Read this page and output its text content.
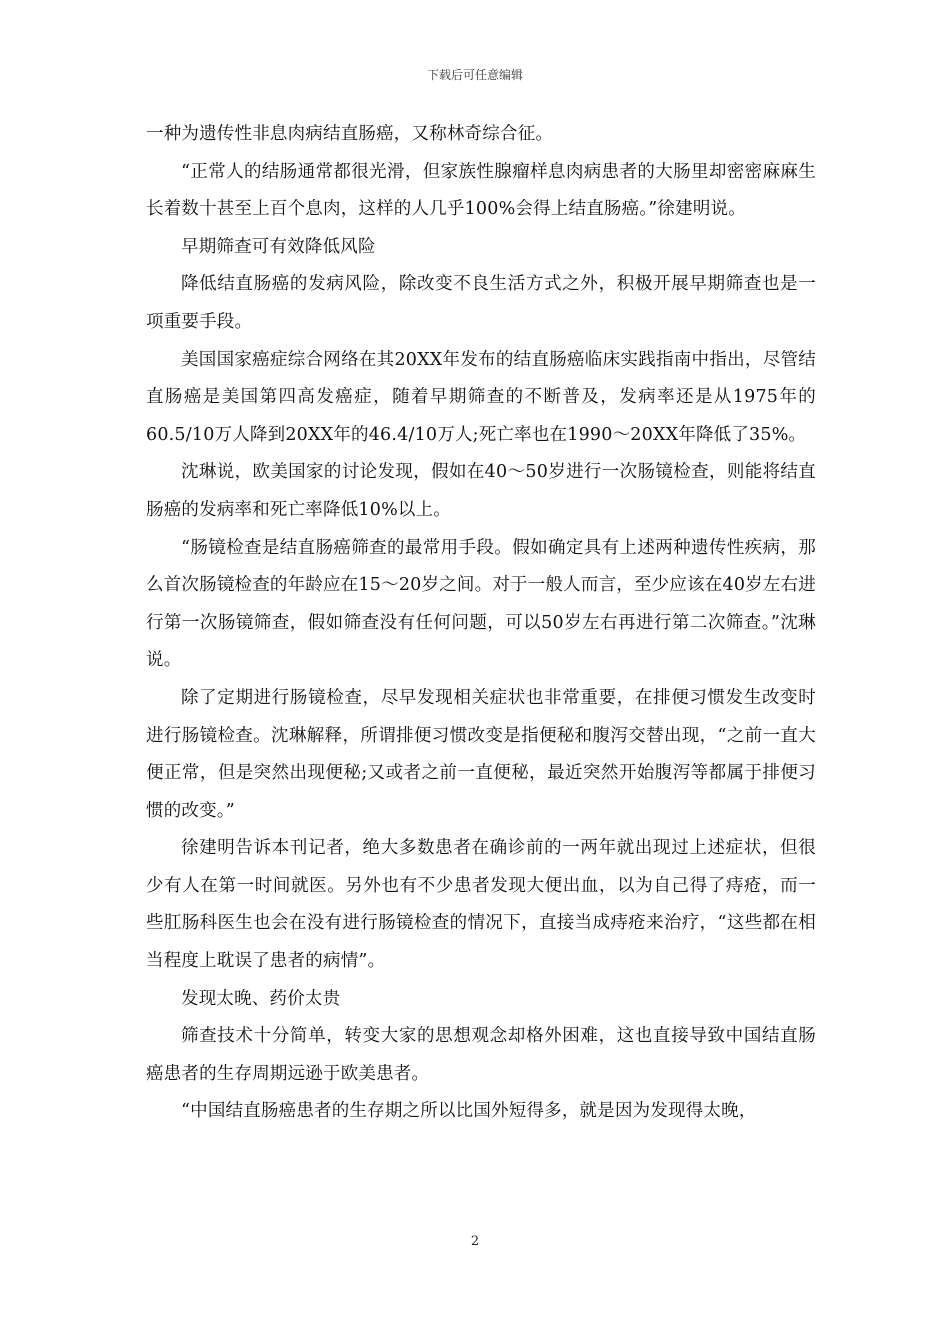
下载后可任意编辑

一种为遗传性非息肉病结直肠癌，又称林奇综合征。

“正常人的结肠通常都很光滑，但家族性腺瘤样息肉病患者的大肠里却密密麻麻生长着数十甚至上百个息肉，这样的人几乎100%会得上结直肠癌。”徐建明说。

早期筛查可有效降低风险

降低结直肠癌的发病风险，除改变不良生活方式之外，积极开展早期筛查也是一项重要手段。

美国国家癌症综合网络在其20XX年发布的结直肠癌临床实践指南中指出，尽管结直肠癌是美国第四高发癌症，随着早期筛查的不断普及，发病率还是从1975年的60.5/10万人降到20XX年的46.4/10万人;死亡率也在1990～20XX年降低了35%。

沈琳说，欧美国家的讨论发现，假如在40～50岁进行一次肠镜检查，则能将结直肠癌的发病率和死亡率降低10%以上。

“肠镜检查是结直肠癌筛查的最常用手段。假如确定具有上述两种遗传性疾病，那么首次肠镜检查的年龄应在15～20岁之间。对于一般人而言，至少应该在40岁左右进行第一次肠镜筛查，假如筛查没有任何问题，可以50岁左右再进行第二次筛查。”沈琳说。

除了定期进行肠镜检查，尽早发现相关症状也非常重要，在排便习惯发生改变时进行肠镜检查。沈琳解释，所谓排便习惯改变是指便秘和腹泻交替出现，“之前一直大便正常，但是突然出现便秘;又或者之前一直便秘，最近突然开始腹泻等都属于排便习惯的改变。”

徐建明告诉本刊记者，绝大多数患者在确诊前的一两年就出现过上述症状，但很少有人在第一时间就医。另外也有不少患者发现大便出血，以为自己得了痔疮，而一些肛肠科医生也会在没有进行肠镜检查的情况下，直接当成痔疮来治疗，“这些都在相当程度上耽误了患者的病情”。

发现太晚、药价太贵

筛查技术十分简单，转变大家的思想观念却格外困难，这也直接导致中国结直肠癌患者的生存周期远逊于欧美患者。

“中国结直肠癌患者的生存期之所以比国外短得多，就是因为发现得太晚，

2
